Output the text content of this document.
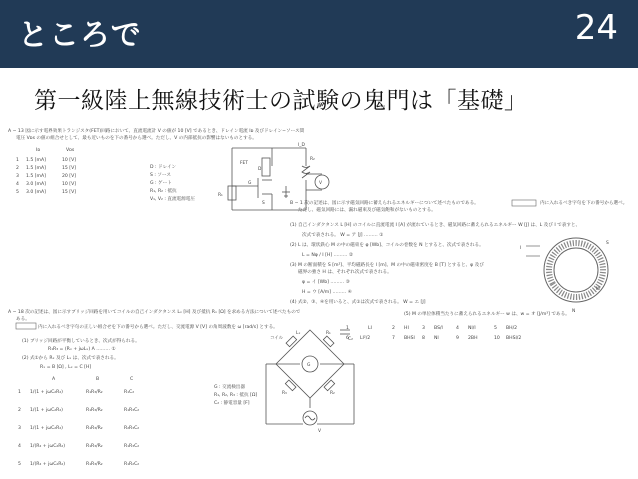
ところで	24
第一級陸上無線技術士の試験の鬼門は「基礎」
A − 13 図に示す電界効果トランジスタ(FET)回路において、直流電流計 Ⅴ の値が 10 [V] であるとき、ドレイン電流 Iᴅ 及びドレイン−ソース間
電圧 Vᴅs の値の組合せとして、最も近いものを下の番号から選べ。ただし、V の内部抵抗の影響はないものとする。
Iᴅ	Vᴅs
1 1.5 [mA]	10 [V]
2 1.5 [mA]	15 [V]
3 1.5 [mA]	20 [V]
4 3.0 [mA]	10 [V]
5 3.0 [mA]	15 [V]
D : ドレイン
S : ソース
G : ゲート
R₁, R₂ : 抵抗
V₁, V₂ : 直流電源電圧
FET
D
S
G
R₁
R₂
I_D
V
B − 1 次の記述は、図に示す磁気回路に蓄えられるエネルギーについて述べたものである。	内に入れるべき字句を下の番号から選べ。
ただし、磁気回路には、漏れ磁束及び磁気飽和がないものとする。
(1) 自己インダクタンス L [H] のコイルに直流電流 I [A] が流れているとき、磁気回路に蓄えられるエネルギー W [J] は、L 及び I で表すと、
次式で表される。 W = ア [J] ……… ①
(2) L は、環状鉄心 M の中の磁束を φ [Wb]、コイルの巻数を N とすると、次式で表される。
L = Nφ / I [H] ……… ②
(3) M の断面積を S [m²]、平均磁路長を l [m]、M の中の磁束密度を B [T] とすると、φ 及び
磁界の強さ H は、それぞれ次式で表される。
φ = イ [Wb] ……… ③
H = ウ [A/m] ……… ④
(4) 式②、③、④を用いると、式①は次式で表される。 W = エ [J]
(5) M の単位体積当たりに蓄えられるエネルギー w は、w = オ [J/m³] である。
1	LI	2 HI	3 BS/l	4 NI/l	5 BH/2
6 LI²/2	7 BHSl 8 NI	9 2BH	10 BHSl/2
I
S
M
N
A − 18 次の記述は、図に示すブリッジ回路を用いてコイルの自己インダクタンス Lₓ [H] 及び抵抗 Rₓ [Ω] を求める方法について述べたもので
ある。
内に入れるべき字句の正しい組合せを下の番号から選べ。ただし、交流電源 V [V] の角周波数を ω [rad/s] とする。
(1) ブリッジ回路が平衡しているとき、次式が得られる。
R₁R₃ = (Rₓ + jωLₓ) A ……… ①
(2) 式①から Rₓ 及び Lₓ は、次式で表される。
Rₓ = B [Ω] , Lₓ = C [H]
A	B	C
1 1/(1 + jωC₂R₂)	R₁R₃/R₂	R₁C₂
2 1/(1 + jωC₂R₂)	R₁R₃/R₂	R₁R₃C₂
3 1/(1 + jωC₂R₂)	R₁R₃/R₂	R₂R₃C₂
4 1/(R₂ + jωC₂R₂)	R₁R₃/R₂	R₁R₃C₂
5 1/(R₂ + jωC₂R₂)	R₁R₃/R₂	R₁R₂C₂
G : 交流検出器
R₁, R₂, R₃ : 抵抗 [Ω]
C₂ : 静電容量 [F]
コイル
Lₓ	R₁
R₃	R₂
G
C₂
V
